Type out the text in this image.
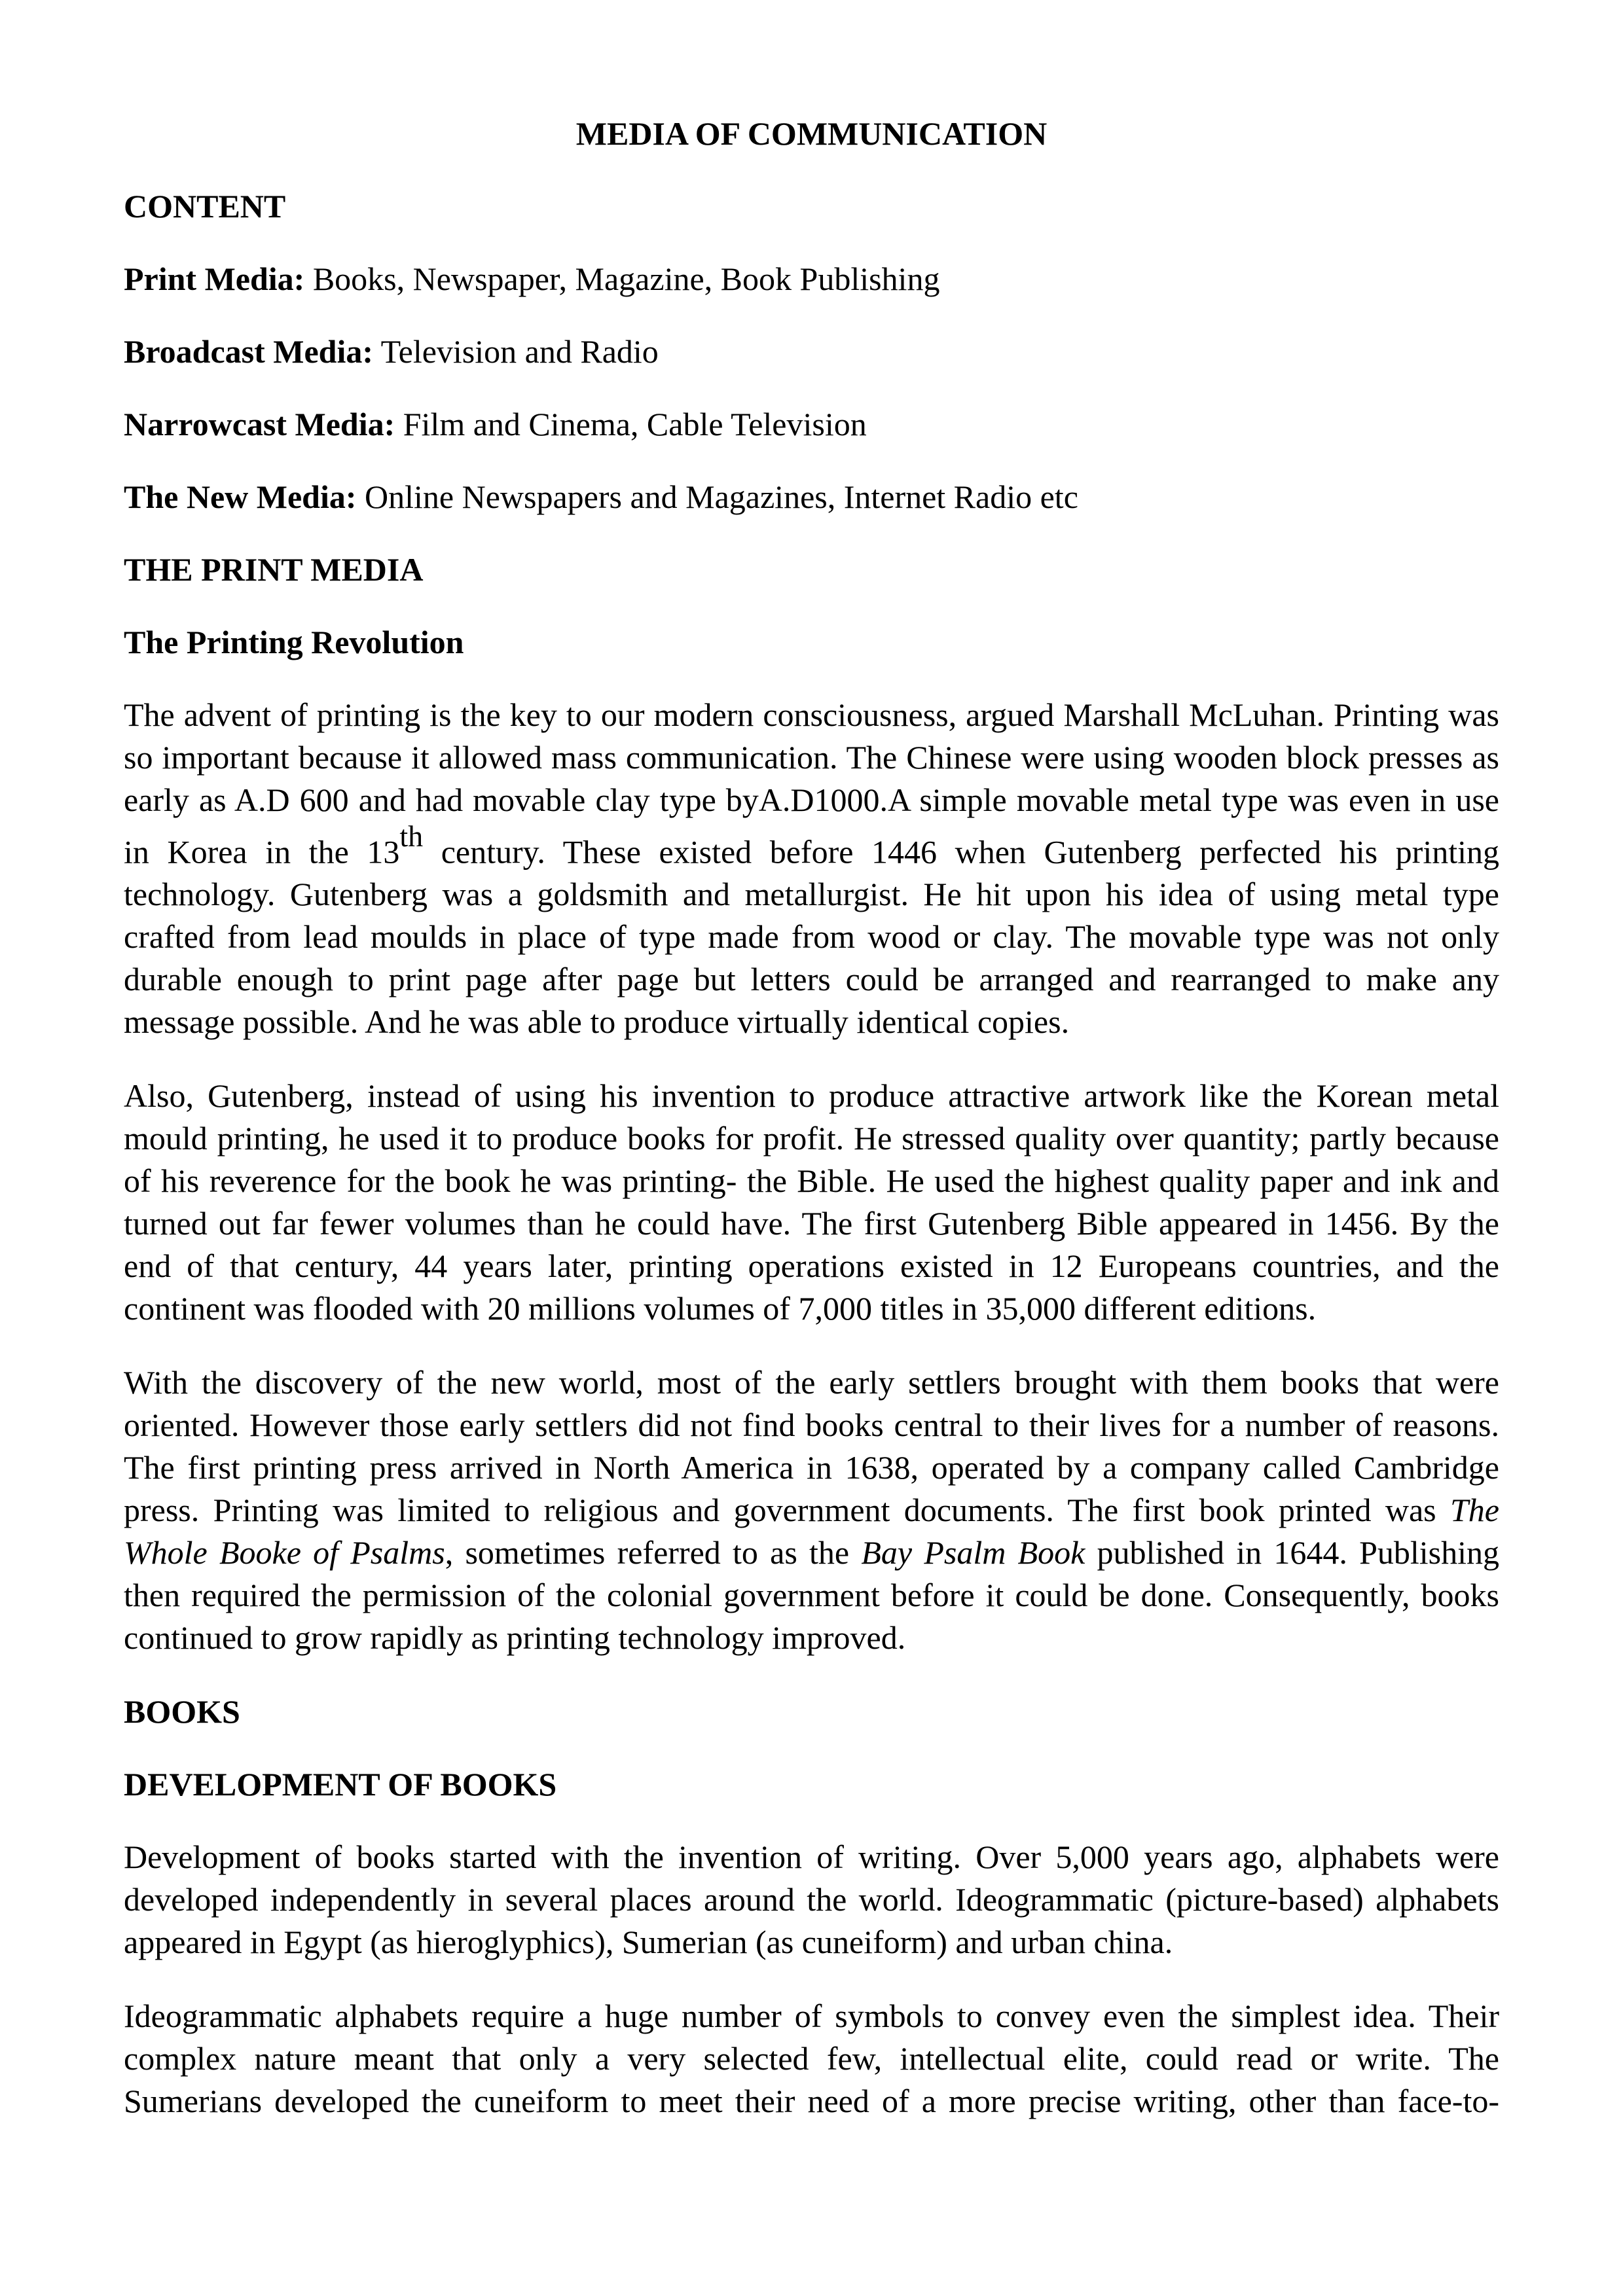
MEDIA OF COMMUNICATION

CONTENT

Print Media: Books, Newspaper, Magazine, Book Publishing

Broadcast Media: Television and Radio

Narrowcast Media: Film and Cinema, Cable Television

The New Media: Online Newspapers and Magazines, Internet Radio etc

THE PRINT MEDIA

The Printing Revolution

The advent of printing is the key to our modern consciousness, argued Marshall McLuhan. Printing was so important because it allowed mass communication. The Chinese were using wooden block presses as early as A.D 600 and had movable clay type byA.D1000.A simple movable metal type was even in use in Korea in the 13th century. These existed before 1446 when Gutenberg perfected his printing technology. Gutenberg was a goldsmith and metallurgist. He hit upon his idea of using metal type crafted from lead moulds in place of type made from wood or clay. The movable type was not only durable enough to print page after page but letters could be arranged and rearranged to make any message possible. And he was able to produce virtually identical copies.

Also, Gutenberg, instead of using his invention to produce attractive artwork like the Korean metal mould printing, he used it to produce books for profit. He stressed quality over quantity; partly because of his reverence for the book he was printing- the Bible. He used the highest quality paper and ink and turned out far fewer volumes than he could have. The first Gutenberg Bible appeared in 1456. By the end of that century, 44 years later, printing operations existed in 12 Europeans countries, and the continent was flooded with 20 millions volumes of 7,000 titles in 35,000 different editions.

With the discovery of the new world, most of the early settlers brought with them books that were oriented. However those early settlers did not find books central to their lives for a number of reasons. The first printing press arrived in North America in 1638, operated by a company called Cambridge press. Printing was limited to religious and government documents. The first book printed was The Whole Booke of Psalms, sometimes referred to as the Bay Psalm Book published in 1644. Publishing then required the permission of the colonial government before it could be done. Consequently, books continued to grow rapidly as printing technology improved.

BOOKS

DEVELOPMENT OF BOOKS

Development of books started with the invention of writing. Over 5,000 years ago, alphabets were developed independently in several places around the world. Ideogrammatic (picture-based) alphabets appeared in Egypt (as hieroglyphics), Sumerian (as cuneiform) and urban china.

Ideogrammatic alphabets require a huge number of symbols to convey even the simplest idea. Their complex nature meant that only a very selected few, intellectual elite, could read or write. The Sumerians developed the cuneiform to meet their need of a more precise writing, other than face-to-
